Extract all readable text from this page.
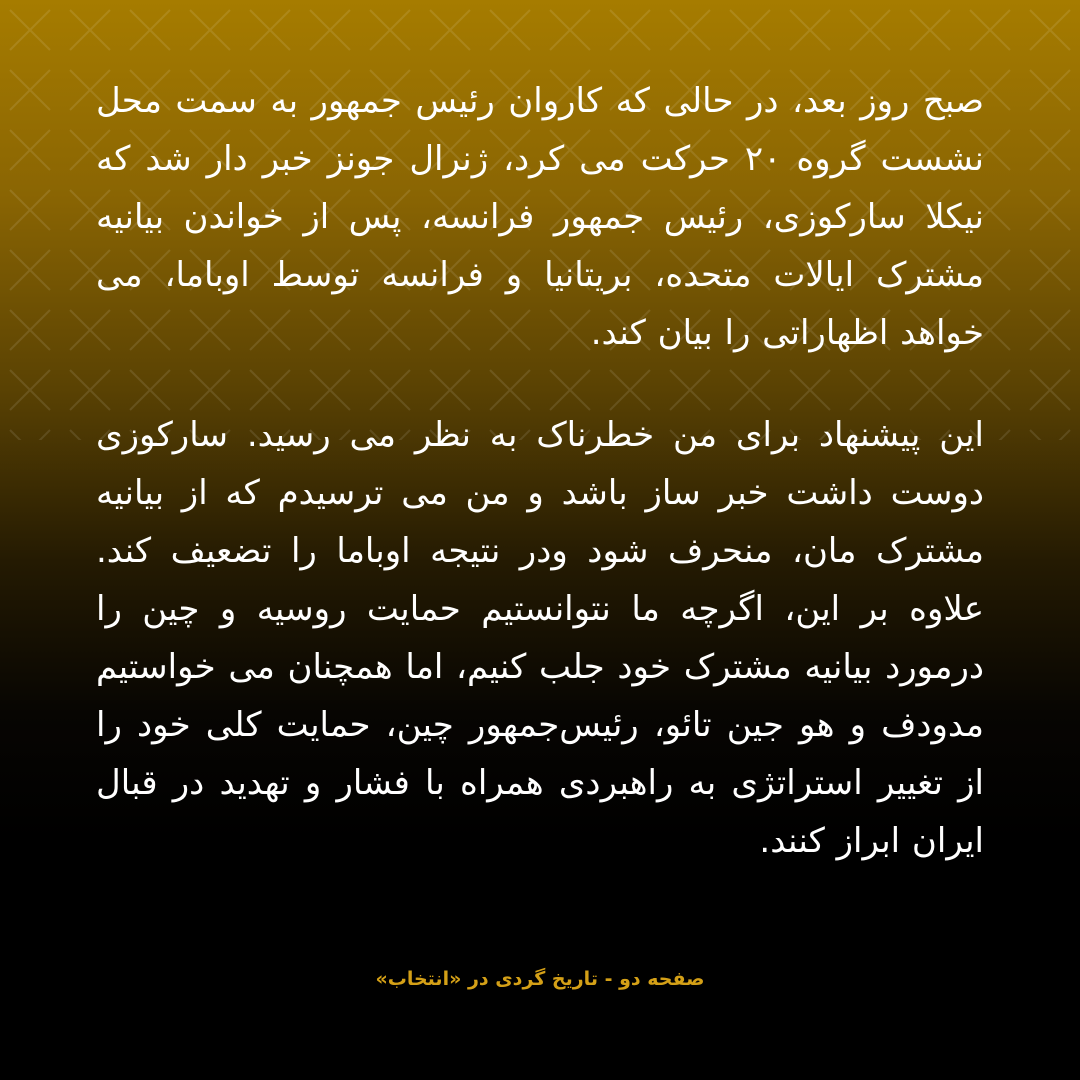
صبح روز بعد، در حالی که کاروان رئیس جمهور به سمت محل نشست گروه ۲۰ حرکت می کرد، ژنرال جونز خبر دار شد که نیکلا سارکوزی، رئیس جمهور فرانسه، پس از خواندن بیانیه مشترک ایالات متحده، بریتانیا و فرانسه توسط اوباما، می خواهد اظهاراتی را بیان کند.

این پیشنهاد برای من خطرناک به نظر می رسید. سارکوزی دوست داشت خبر ساز باشد و من می ترسیدم که از بیانیه مشترک مان، منحرف شود ودر نتیجه اوباما را تضعیف کند. علاوه بر این، اگرچه ما نتوانستیم حمایت روسیه و چین را درمورد بیانیه مشترک خود جلب کنیم، اما همچنان می خواستیم مدودف و هو جین تائو، رئیس‌جمهور چین، حمایت کلی خود را از تغییر استراتژی به راهبردی همراه با فشار و تهدید در قبال ایران ابراز کنند.

صفحه دو - تاریخ گردی در «انتخاب»
